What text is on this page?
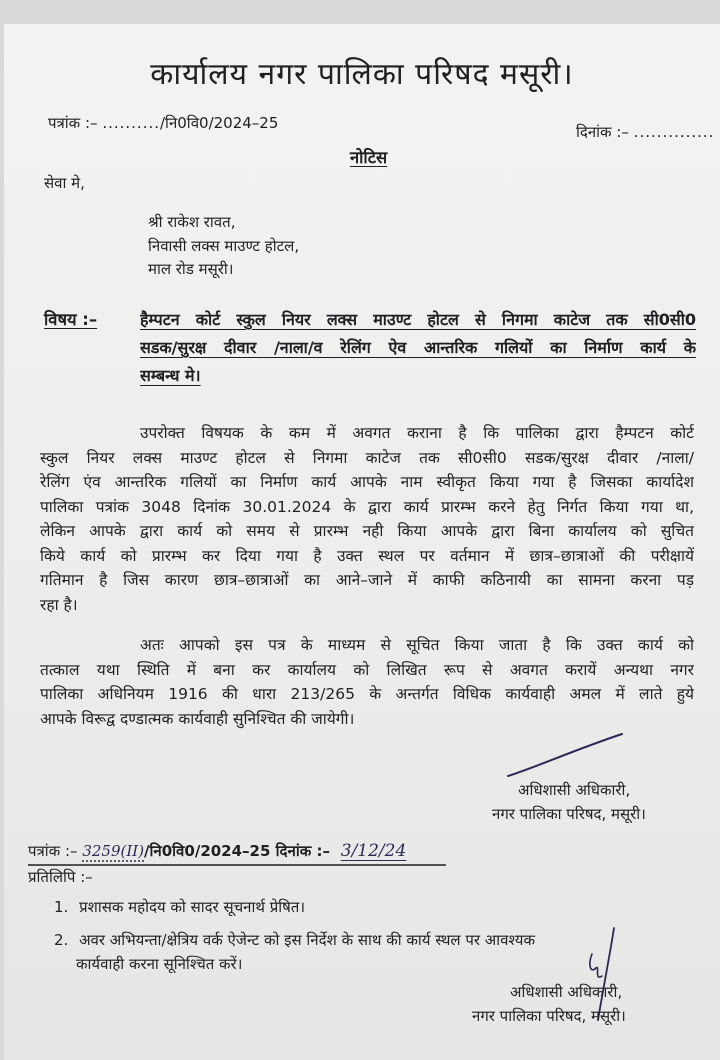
कार्यालय नगर पालिका परिषद मसूरी।
पत्रांक :– ........../नि0वि0/2024–25	दिनांक :– ..............
नोटिस
सेवा मे,
श्री राकेश रावत,
निवासी लक्स माउण्ट होटल,
माल रोड मसूरी।
विषय :–	हैम्पटन कोर्ट स्कुल नियर लक्स माउण्ट होटल से निगमा काटेज तक सी0सी0
सडक/सुरक्ष दीवार /नाला/व रेलिंग ऐव आन्तरिक गलियों का निर्माण कार्य के
सम्बन्ध मे।
उपरोक्त विषयक के कम में अवगत कराना है कि पालिका द्वारा हैम्पटन कोर्ट
स्कुल नियर लक्स माउण्ट होटल से निगमा काटेज तक सी0सी0 सडक/सुरक्ष दीवार /नाला/
रेलिंग एंव आन्तरिक गलियों का निर्माण कार्य आपके नाम स्वीकृत किया गया है जिसका कार्यादेश
पालिका पत्रांक 3048 दिनांक 30.01.2024 के द्वारा कार्य प्रारम्भ करने हेतु निर्गत किया गया था,
लेकिन आपके द्वारा कार्य को समय से प्रारम्भ नही किया आपके द्वारा बिना कार्यालय को सुचित
किये कार्य को प्रारम्भ कर दिया गया है उक्त स्थल पर वर्तमान में छात्र–छात्राओं की परीक्षायें
गतिमान है जिस कारण छात्र–छात्राओं का आने–जाने में काफी कठिनायी का सामना करना पड़
रहा है।
अतः आपको इस पत्र के माध्यम से सूचित किया जाता है कि उक्त कार्य को
तत्काल यथा स्थिति में बना कर कार्यालय को लिखित रूप से अवगत करायें अन्यथा नगर
पालिका अधिनियम 1916 की धारा 213/265 के अन्तर्गत विधिक कार्यवाही अमल में लाते हुये
आपके विरूद्व दण्डात्मक कार्यवाही सुनिश्चित की जायेगी।
अधिशासी अधिकारी,
नगर पालिका परिषद, मसूरी।
पत्रांक :– 3259(II)/नि0वि0/2024–25 दिनांक :– 3/12/24
प्रतिलिपि :–
1. प्रशासक महोदय को सादर सूचनार्थ प्रेषित।
2. अवर अभियन्ता/क्षेत्रिय वर्क ऐजेन्ट को इस निर्देश के साथ की कार्य स्थल पर आवश्यक
कार्यवाही करना सूनिश्चित करें।
अधिशासी अधिकारी,
नगर पालिका परिषद, मसूरी।
